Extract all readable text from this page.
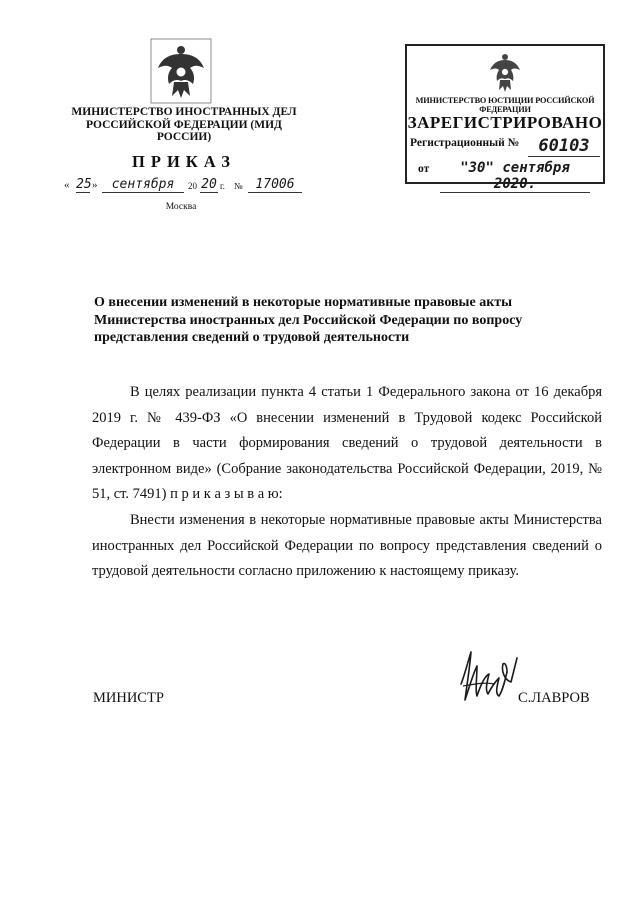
МИНИСТЕРСТВО ИНОСТРАННЫХ ДЕЛ РОССИЙСКОЙ ФЕДЕРАЦИИ (МИД РОССИИ)
ПРИКАЗ
« 25 »	сентября	20 20 г. № 17006
Москва
МИНИСТЕРСТВО ЮСТИЦИИ РОССИЙСКОЙ ФЕДЕРАЦИИ
ЗАРЕГИСТРИРОВАНО
Регистрационный №	60103
от	"30" сентября 2020.
О внесении изменений в некоторые нормативные правовые акты Министерства иностранных дел Российской Федерации по вопросу представления сведений о трудовой деятельности
В целях реализации пункта 4 статьи 1 Федерального закона от 16 декабря 2019 г. № 439-ФЗ «О внесении изменений в Трудовой кодекс Российской Федерации в части формирования сведений о трудовой деятельности в электронном виде» (Собрание законодательства Российской Федерации, 2019, № 51, ст. 7491) п р и к а з ы в а ю:
Внести изменения в некоторые нормативные правовые акты Министерства иностранных дел Российской Федерации по вопросу представления сведений о трудовой деятельности согласно приложению к настоящему приказу.
МИНИСТР	С.ЛАВРОВ
